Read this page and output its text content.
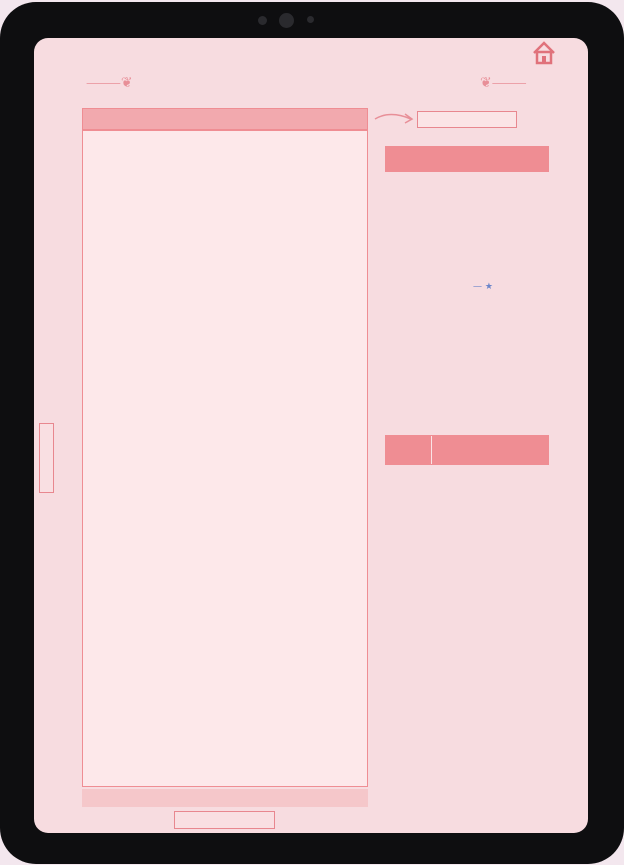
⸻❦	❦⸻
— ★
